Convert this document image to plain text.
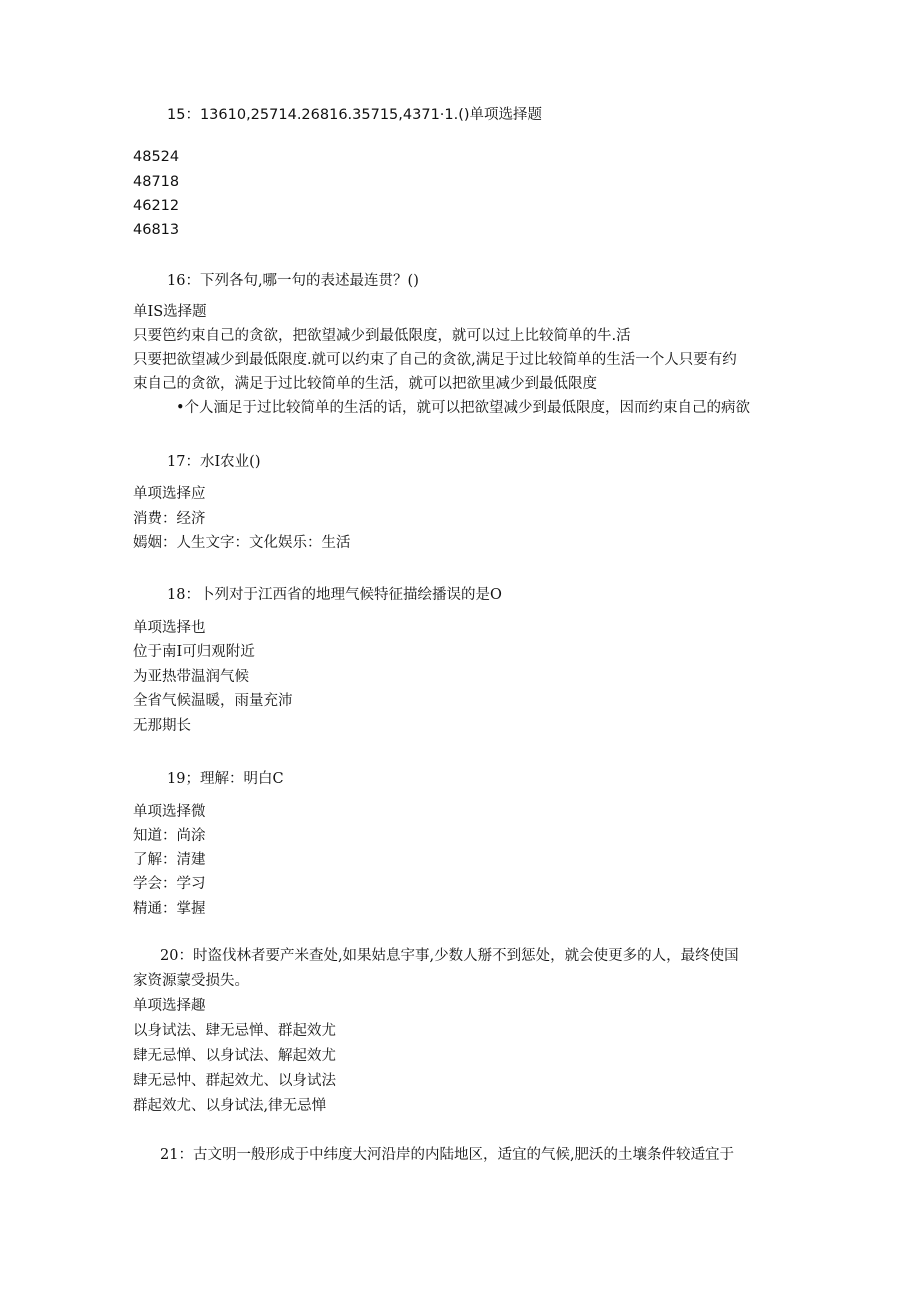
15：13610,25714.26816.35715,4371·1.()单项选择题
48524
48718
46212
46813
16：下列各句,哪一句的表述最连贯？()
单IS选择题
只要笆约束自己的贪欲，把欲望减少到最低限度，就可以过上比较简单的牛.活
只要把欲望减少到最低限度.就可以约束了自己的贪欲,满足于过比较简单的生活一个人只要有约
束自己的贪欲，满足于过比较简单的生活，就可以把欲里减少到最低限度
•个人湎足于过比较简单的生活的话，就可以把欲望减少到最低限度，因而约束自己的病欲
17：水I农业()
单项选择应
消费：经济
嫣姻：人生文字：文化娱乐：生活
18：卜列对于江西省的地理气候特征描绘播误的是O
单项选择也
位于南I可归观附近
为亚热带温润气候
全省气候温暖，雨量充沛
无那期长
19；理解：明白C
单项选择微
知道：尚涂
了解：清建
学会：学习
精通：掌握
20：时盗伐林者要产米查处,如果姑息宇事,少数人掰不到惩处，就会使更多的人，最终使国
家资源蒙受损失。
单项选择趣
以身试法、肆无忌惮、群起效尤
肆无忌惮、以身试法、解起效尤
肆无忌忡、群起效尤、以身试法
群起效尤、以身试法,律无忌惮
21：古文明一般形成于中纬度大河沿岸的内陆地区，适宜的气候,肥沃的土壤条件较适宜于
